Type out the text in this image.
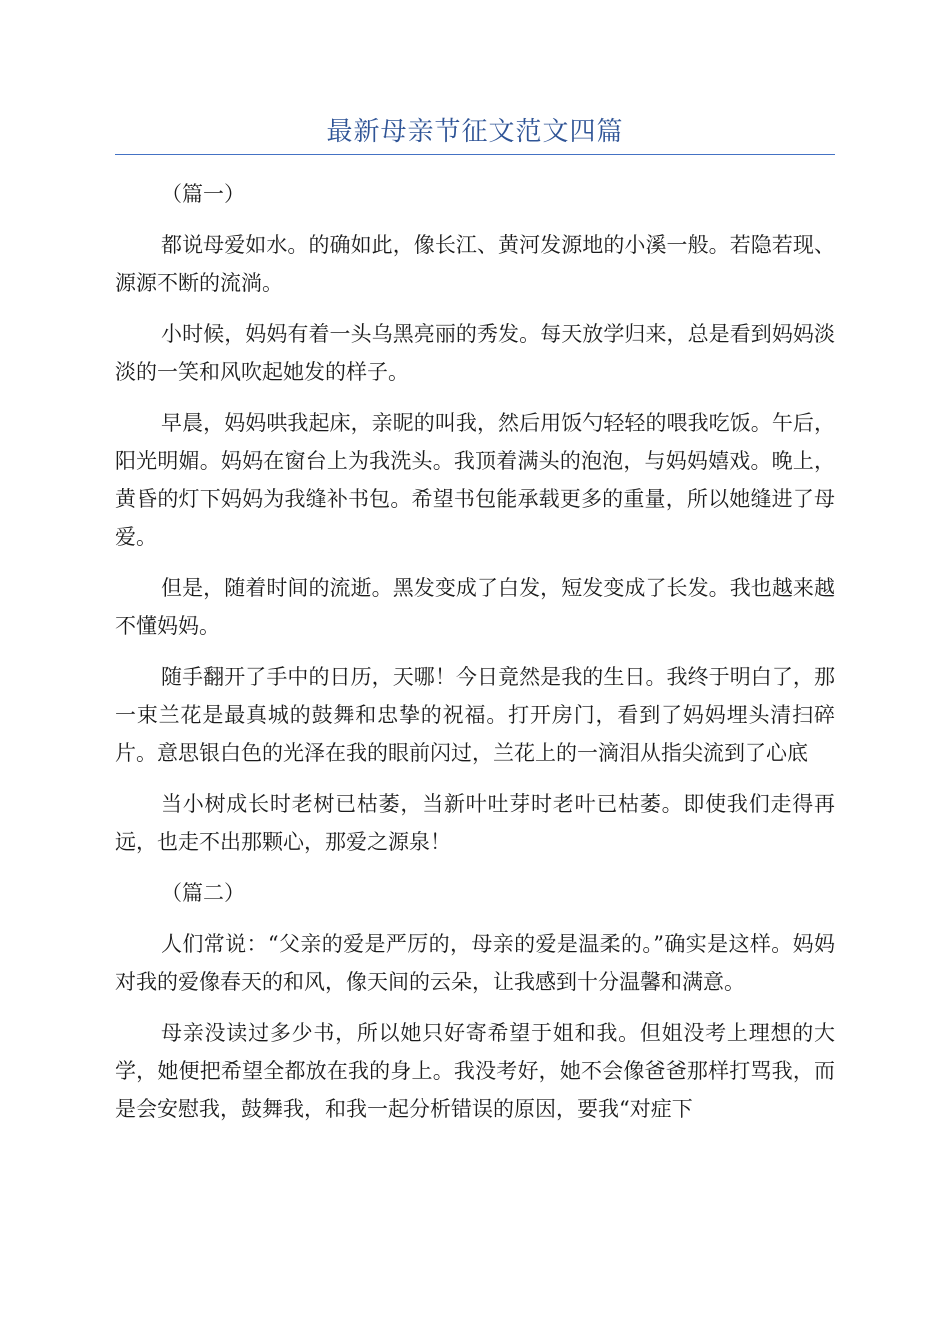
最新母亲节征文范文四篇

（篇一）

都说母爱如水。的确如此，像长江、黄河发源地的小溪一般。若隐若现、源源不断的流淌。

小时候，妈妈有着一头乌黑亮丽的秀发。每天放学归来，总是看到妈妈淡淡的一笑和风吹起她发的样子。

早晨，妈妈哄我起床，亲昵的叫我，然后用饭勺轻轻的喂我吃饭。午后，阳光明媚。妈妈在窗台上为我洗头。我顶着满头的泡泡，与妈妈嬉戏。晚上，黄昏的灯下妈妈为我缝补书包。希望书包能承载更多的重量，所以她缝进了母爱。

但是，随着时间的流逝。黑发变成了白发，短发变成了长发。我也越来越不懂妈妈。

随手翻开了手中的日历，天哪！今日竟然是我的生日。我终于明白了，那一束兰花是最真城的鼓舞和忠挚的祝福。打开房门，看到了妈妈埋头清扫碎片。意思银白色的光泽在我的眼前闪过，兰花上的一滴泪从指尖流到了心底

当小树成长时老树已枯萎，当新叶吐芽时老叶已枯萎。即使我们走得再远，也走不出那颗心，那爱之源泉！

（篇二）

人们常说：“父亲的爱是严厉的，母亲的爱是温柔的。”确实是这样。妈妈对我的爱像春天的和风，像天间的云朵，让我感到十分温馨和满意。

母亲没读过多少书，所以她只好寄希望于姐和我。但姐没考上理想的大学，她便把希望全都放在我的身上。我没考好，她不会像爸爸那样打骂我，而是会安慰我，鼓舞我，和我一起分析错误的原因，要我“对症下
